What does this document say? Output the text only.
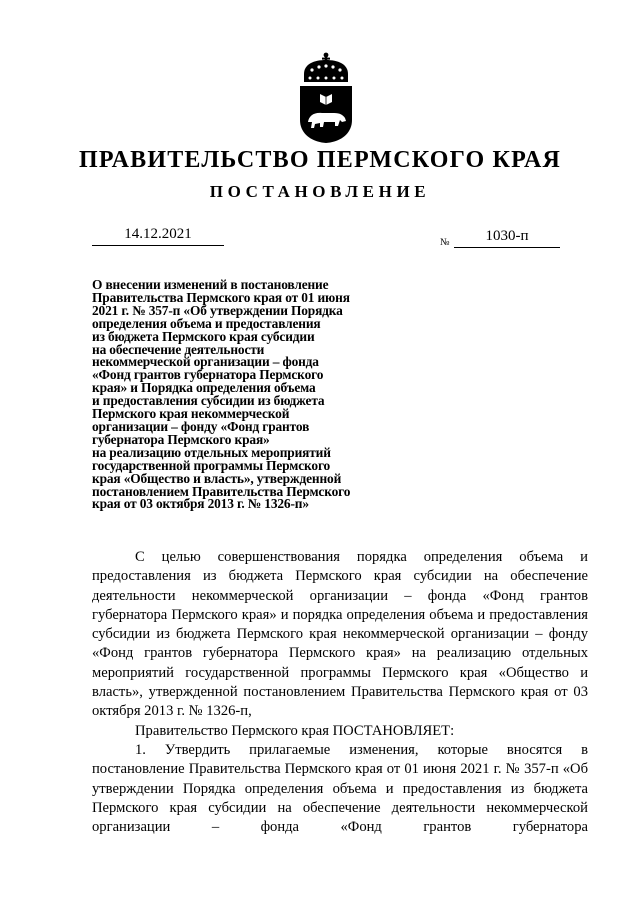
ПРАВИТЕЛЬСТВО ПЕРМСКОГО КРАЯ
ПОСТАНОВЛЕНИЕ
14.12.2021
№	1030-п
О внесении изменений в постановление
Правительства Пермского края от 01 июня
2021 г. № 357-п «Об утверждении Порядка
определения объема и предоставления
из бюджета Пермского края субсидии
на обеспечение деятельности
некоммерческой организации – фонда
«Фонд грантов губернатора Пермского
края» и Порядка определения объема
и предоставления субсидии из бюджета
Пермского края некоммерческой
организации – фонду «Фонд грантов
губернатора Пермского края»
на реализацию отдельных мероприятий
государственной программы Пермского
края «Общество и власть», утвержденной
постановлением Правительства Пермского
края от 03 октября 2013 г. № 1326-п»

С целью совершенствования порядка определения объема и предоставления из бюджета Пермского края субсидии на обеспечение деятельности некоммерческой организации – фонда «Фонд грантов губернатора Пермского края» и порядка определения объема и предоставления субсидии из бюджета Пермского края некоммерческой организации – фонду «Фонд грантов губернатора Пермского края» на реализацию отдельных мероприятий государственной программы Пермского края «Общество и власть», утвержденной постановлением Правительства Пермского края от 03 октября 2013 г. № 1326-п,

Правительство Пермского края ПОСТАНОВЛЯЕТ:

1. Утвердить прилагаемые изменения, которые вносятся в постановление Правительства Пермского края от 01 июня 2021 г. № 357-п «Об утверждении Порядка определения объема и предоставления из бюджета Пермского края субсидии на обеспечение деятельности некоммерческой организации – фонда «Фонд грантов губернатора
